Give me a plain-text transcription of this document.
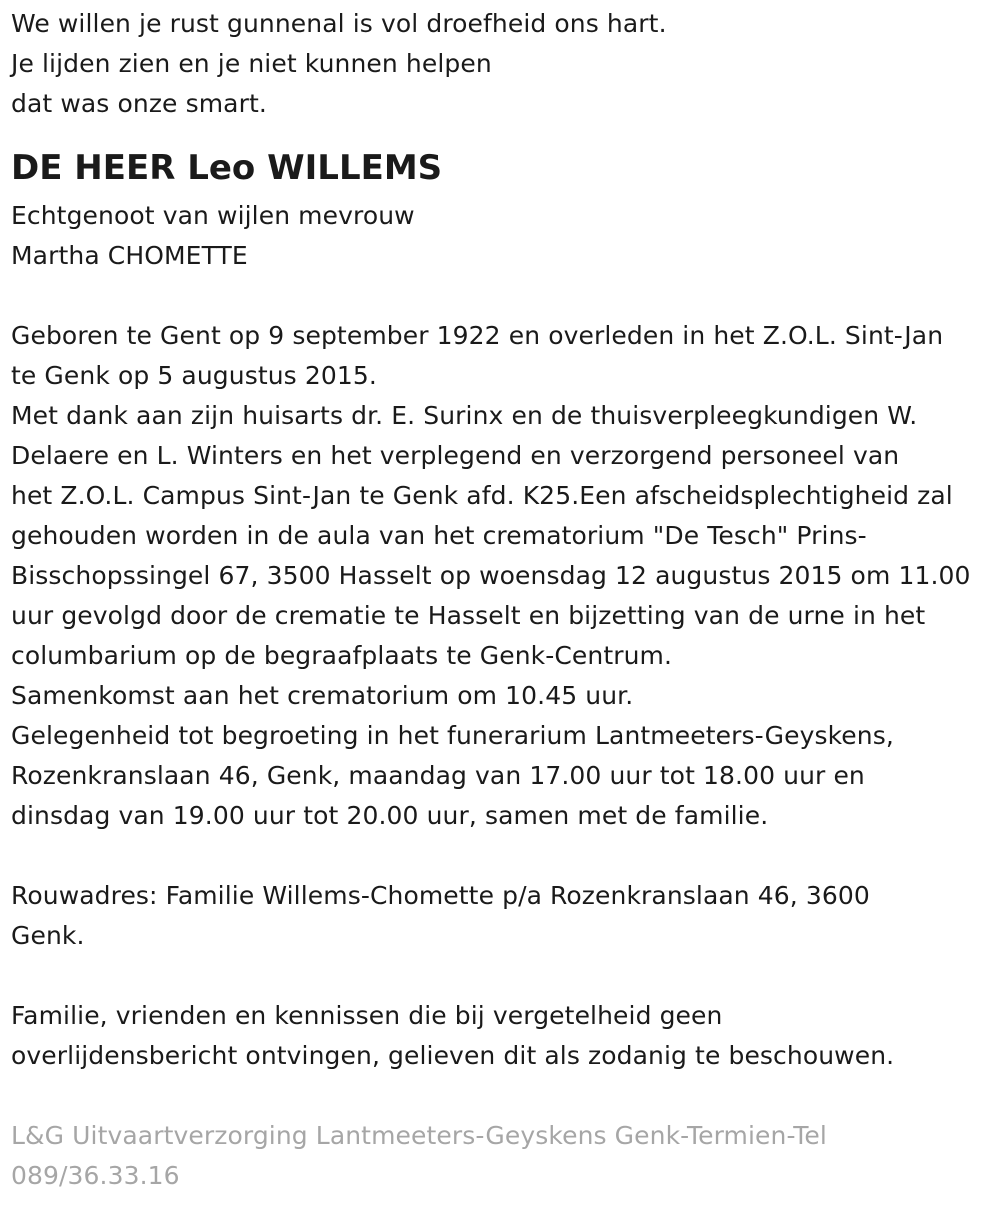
We willen je rust gunnenal is vol droefheid ons hart.
Je lijden zien en je niet kunnen helpen
dat was onze smart.
DE HEER Leo WILLEMS
Echtgenoot van wijlen mevrouw
Martha CHOMETTE
Geboren te Gent op 9 september 1922 en overleden in het Z.O.L. Sint-Jan
te Genk op 5 augustus 2015.
Met dank aan zijn huisarts dr. E. Surinx en de thuisverpleegkundigen W.
Delaere en L. Winters en het verplegend en verzorgend personeel van
het Z.O.L. Campus Sint-Jan te Genk afd. K25.Een afscheidsplechtigheid zal
gehouden worden in de aula van het crematorium "De Tesch" Prins-
Bisschopssingel 67, 3500 Hasselt op woensdag 12 augustus 2015 om 11.00
uur gevolgd door de crematie te Hasselt en bijzetting van de urne in het
columbarium op de begraafplaats te Genk-Centrum.
Samenkomst aan het crematorium om 10.45 uur.
Gelegenheid tot begroeting in het funerarium Lantmeeters-Geyskens,
Rozenkranslaan 46, Genk, maandag van 17.00 uur tot 18.00 uur en
dinsdag van 19.00 uur tot 20.00 uur, samen met de familie.
Rouwadres: Familie Willems-Chomette p/a Rozenkranslaan 46, 3600
Genk.
Familie, vrienden en kennissen die bij vergetelheid geen
overlijdensbericht ontvingen, gelieven dit als zodanig te beschouwen.
L&G Uitvaartverzorging Lantmeeters-Geyskens Genk-Termien-Tel
089/36.33.16
